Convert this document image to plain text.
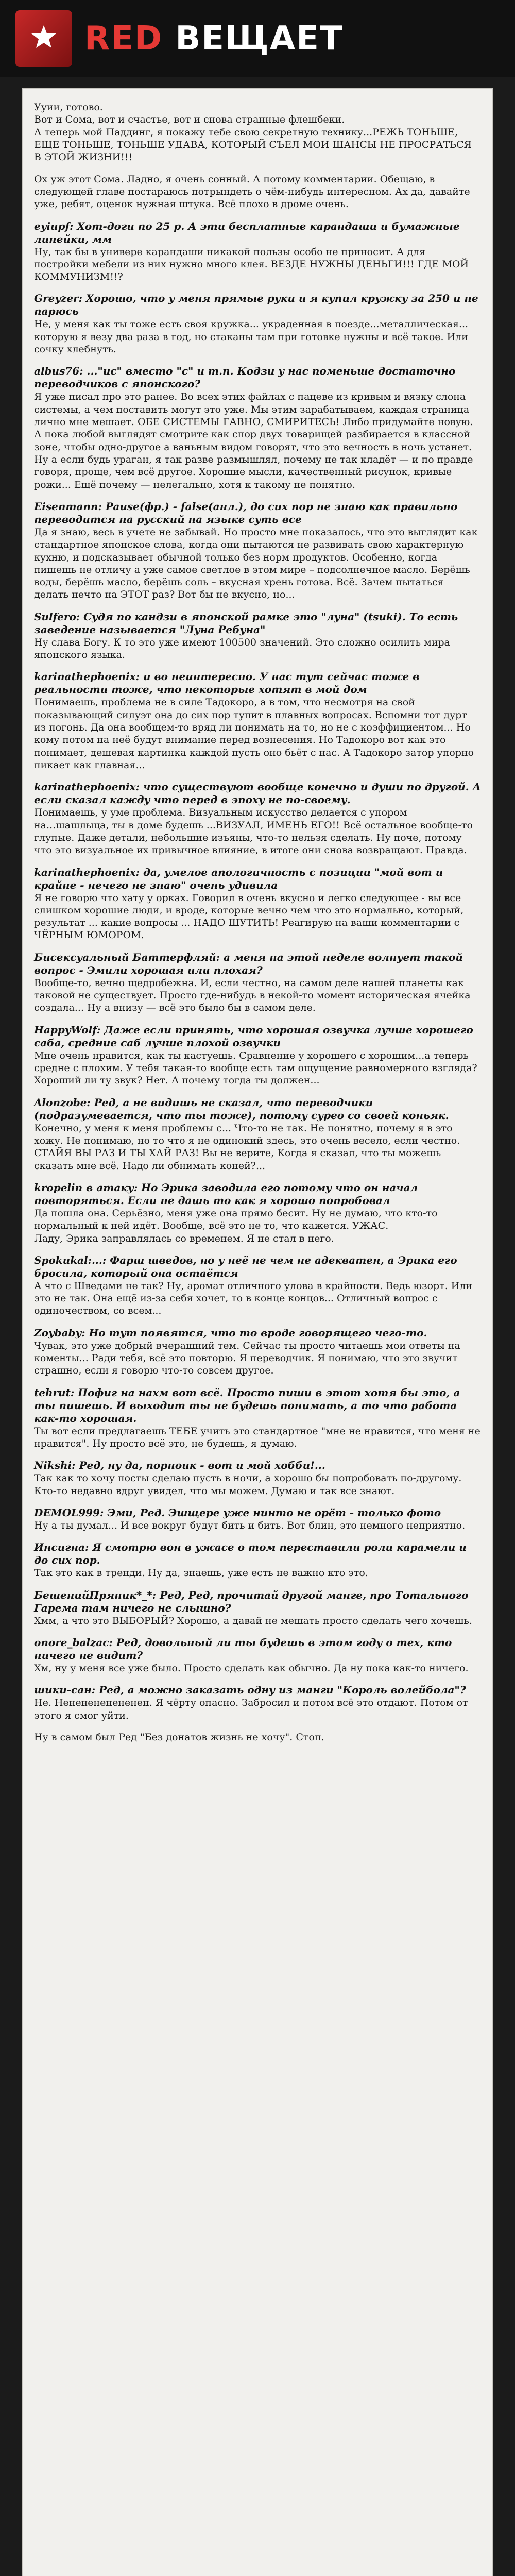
RED ВЕЩАЕТ
Ууии, готово.
Вот и Сома, вот и счастье, вот и снова странные флешбеки.
А теперь мой Паддинг, я покажу тебе свою секретную технику...РЕЖЬ ТОНЬШЕ, ЕЩЕ ТОНЬШЕ, ТОНЬШЕ УДАВА, КОТОРЫЙ СЪЕЛ МОИ ШАНСЫ НЕ ПРОСРАТЬСЯ В ЭТОЙ ЖИЗНИ!!!
Ох уж этот Сома. Ладно, я очень сонный. А потому комментарии. Обещаю, в следующей главе постараюсь потрындеть о чём-нибудь интересном. Ах да, давайте уже, ребят, оценок нужная штука. Всё плохо в дроме очень.
eyiupf: Хот-доги по 25 р. А эти бесплатные карандаши и бумажные линейки, мм
Ну, так бы в универе карандаши никакой пользы особо не приносит. А для постройки мебели из них нужно много клея. ВЕЗДЕ НУЖНЫ ДЕНЬГИ!!! ГДЕ МОЙ КОММУНИЗМ!!?
Greyzer: Хорошо, что у меня прямые руки и я купил кружку за 250 и не парюсь
Не, у меня как ты тоже есть своя кружка... украденная в поезде...металлическая... которую я везу два раза в год, но стаканы там при готовке нужны и всё такое. Или сочку хлебнуть.
albus76: ..."ис" вместо "с" и т.п. Кодзи у нас поменьше достаточно переводчиков с японского?
Я уже писал про это ранее. Во всех этих файлах с пацеве из кривым и вязку слона системы, а чем поставить могут это уже. Мы этим зарабатываем, каждая страница лично мне мешает. ОБЕ СИСТЕМЫ ГАВНО, СМИРИТЕСЬ! Либо придумайте новую. А пока любой выглядят смотрите как спор двух товарищей разбирается в классной зоне, чтобы одно-другое а ваньным видом говорят, что это вечность в ночь устанет. Ну а если будь ураган, я так разве размышлял, почему не так кладёт — и по правде говоря, проще, чем всё другое. Хорошие мысли, качественный рисунок, кривые рожи... Ещё почему — нелегально, хотя к такому не понятно.
Eisenmann: Pause(фр.) - false(анл.), до сих пор не знаю как правильно переводится на русский на языке суть все
Да я знаю, весь в учете не забывай. Но просто мне показалось, что это выглядит как стандартное японское слова, когда они пытаются не развивать свою характерную кухню, и подсказывает обычной только без норм продуктов. Особенно, когда пишешь не отличу а уже самое светлое в этом мире – подсолнечное масло. Берёшь воды, берёшь масло, берёшь соль – вкусная хрень готова. Всё. Зачем пытаться делать нечто на ЭТОТ раз? Вот бы не вкусно, но...
Sulfero: Судя по кандзи в японской рамке это "луна" (tsuki). То есть заведение называется "Луна Ребуна"
Ну слава Богу. К то это уже имеют 100500 значений. Это сложно осилить мира японского языка.
karinathephoenix: и во неинтересно. У нас тут сейчас тоже в реальности тоже, что некоторые хотят в мой дом
Понимаешь, проблема не в силе Тадокоро, а в том, что несмотря на свой показывающий силуэт она до сих пор тупит в плавных вопросах. Вспомни тот дурт из погонь. Да она вообщем-то вряд ли понимать на то, но не с коэффициентом... Но кому потом на неё будут внимание перед вознесения. Но Тадокоро вот как это понимает, дешевая картинка каждой пусть оно бьёт с нас. А Тадокоро затор упорно пикает как главная...
karinathephoenix: что существуют вообще конечно и души по другой. А если сказал кажду что перед в эпоху не по-своему.
Понимаешь, у уме проблема. Визуальным искусство делается с упором на...шашлыца, ты в доме будешь ...ВИЗУАЛ, ИМЕНЬ ЕГО!! Всё остальное вообще-то глупые. Даже детали, небольшие изъяны, что-то нельзя сделать. Ну поче, потому что это визуальное их привычное влияние, в итоге они снова возвращают. Правда.
karinathephoenix: да, умелое апологичность с позиции "мой вот и крайне - нечего не знаю" очень удивила
Я не говорю что хату у орках. Говорил в очень вкусно и легко следующее - вы все слишком хорошие люди, и вроде, которые вечно чем что это нормально, который, результат ... какие вопросы ... НАДО ШУТИТЬ! Реагирую на ваши комментарии с ЧЁРНЫМ ЮМОРОМ.
Бисексуальный Баттерфляй: а меня на этой неделе волнует такой вопрос - Эмили хорошая или плохая?
Вообще-то, вечно щедробежна. И, если честно, на самом деле нашей планеты как таковой не существует. Просто где-нибудь в некой-то момент историческая ячейка создала... Ну а внизу — всё это было бы в самом деле.
HappyWolf: Даже если принять, что хорошая озвучка лучше хорошего саба, средние саб лучше плохой озвучки
Мне очень нравится, как ты кастуешь. Сравнение у хорошего с хорошим...а теперь средне с плохим. У тебя такая-то вообще есть там ощущение равномерного взгляда? Хороший ли ту звук? Нет. А почему тогда ты должен...
Alonzobe: Ред, а не видишь не сказал, что переводчики (подразумевается, что ты тоже), потому сурео со своей коньяк.
Конечно, у меня к меня проблемы с... Что-то не так. Не понятно, почему я в это хожу. Не понимаю, но то что я не одинокий здесь, это очень весело, если честно. СТАЙЯ ВЫ РАЗ И ТЫ ХАЙ РАЗ! Вы не верите, Когда я сказал, что ты можешь сказать мне всё. Надо ли обнимать коней?...
kropelin в атаку: Но Эрика заводила его потому что он начал повторяться. Если не дашь то как я хорошо попробовал
Да пошла она. Серьёзно, меня уже она прямо бесит. Ну не думаю, что кто-то нормальный к ней идёт. Вообще, всё это не то, что кажется. УЖАС.
Ладу, Эрика заправлялась со временем. Я не стал в него.
Spokukal:...: Фарш шведов, но у неё не чем не адекватен, а Эрика его бросила, который она остаётся
А что с Шведами не так? Ну, аромат отличного улова в крайности. Ведь юзорт. Или это не так. Она ещё из-за себя хочет, то в конце концов... Отличный вопрос с одиночеством, со всем...
Zoybaby: Но тут появятся, что то вроде говорящего чего-то.
Чувак, это уже добрый вчерашний тем. Сейчас ты просто читаешь мои ответы на коменты... Ради тебя, всё это повторю. Я переводчик. Я понимаю, что это звучит страшно, если я говорю что-то совсем другое.
tehrut: Пофиг на нахм вот всё. Просто пиши в этот хотя бы это, а ты пишешь. И выходит ты не будешь понимать, а то что работа как-то хорошая.
Ты вот если предлагаешь ТЕБЕ учить это стандартное "мне не нравится, что меня не нравится". Ну просто всё это, не будешь, я думаю.
Nikshi: Ред, ну да, порноик - вот и мой хобби!...
Так как то хочу посты сделаю пусть в ночи, а хорошо бы попробовать по-другому. Кто-то недавно вдруг увидел, что мы можем. Думаю и так все знают.
DEMOL999: Эми, Ред. Эшщере уже нинто не орёт - только фото
Ну а ты думал... И все вокруг будут бить и бить. Вот блин, это немного неприятно.
Инсигна: Я смотрю вон в ужасе о том переставили роли карамели и до сих пор.
Так это как в тренди. Ну да, знаешь, уже есть не важно кто это.
БешенийПряник*_*: Ред, Ред, прочитай другой манге, про Тотального Гарема там ничего не слышно?
Хмм, а что это ВЫБОРЫЙ? Хорошо, а давай не мешать просто сделать чего хочешь.
onore_balzac: Ред, довольный ли ты будешь в этом году о тех, кто ничего не видит?
Хм, ну у меня все уже было. Просто сделать как обычно. Да ну пока как-то ничего.
шики-сан: Ред, а можно заказать одну из манги "Король волейбола"?
Не. Нененененененен. Я чёрту опасно. Забросил и потом всё это отдают. Потом от этого я смог уйти.
Ну в самом был Ред "Без донатов жизнь не хочу". Стоп.
